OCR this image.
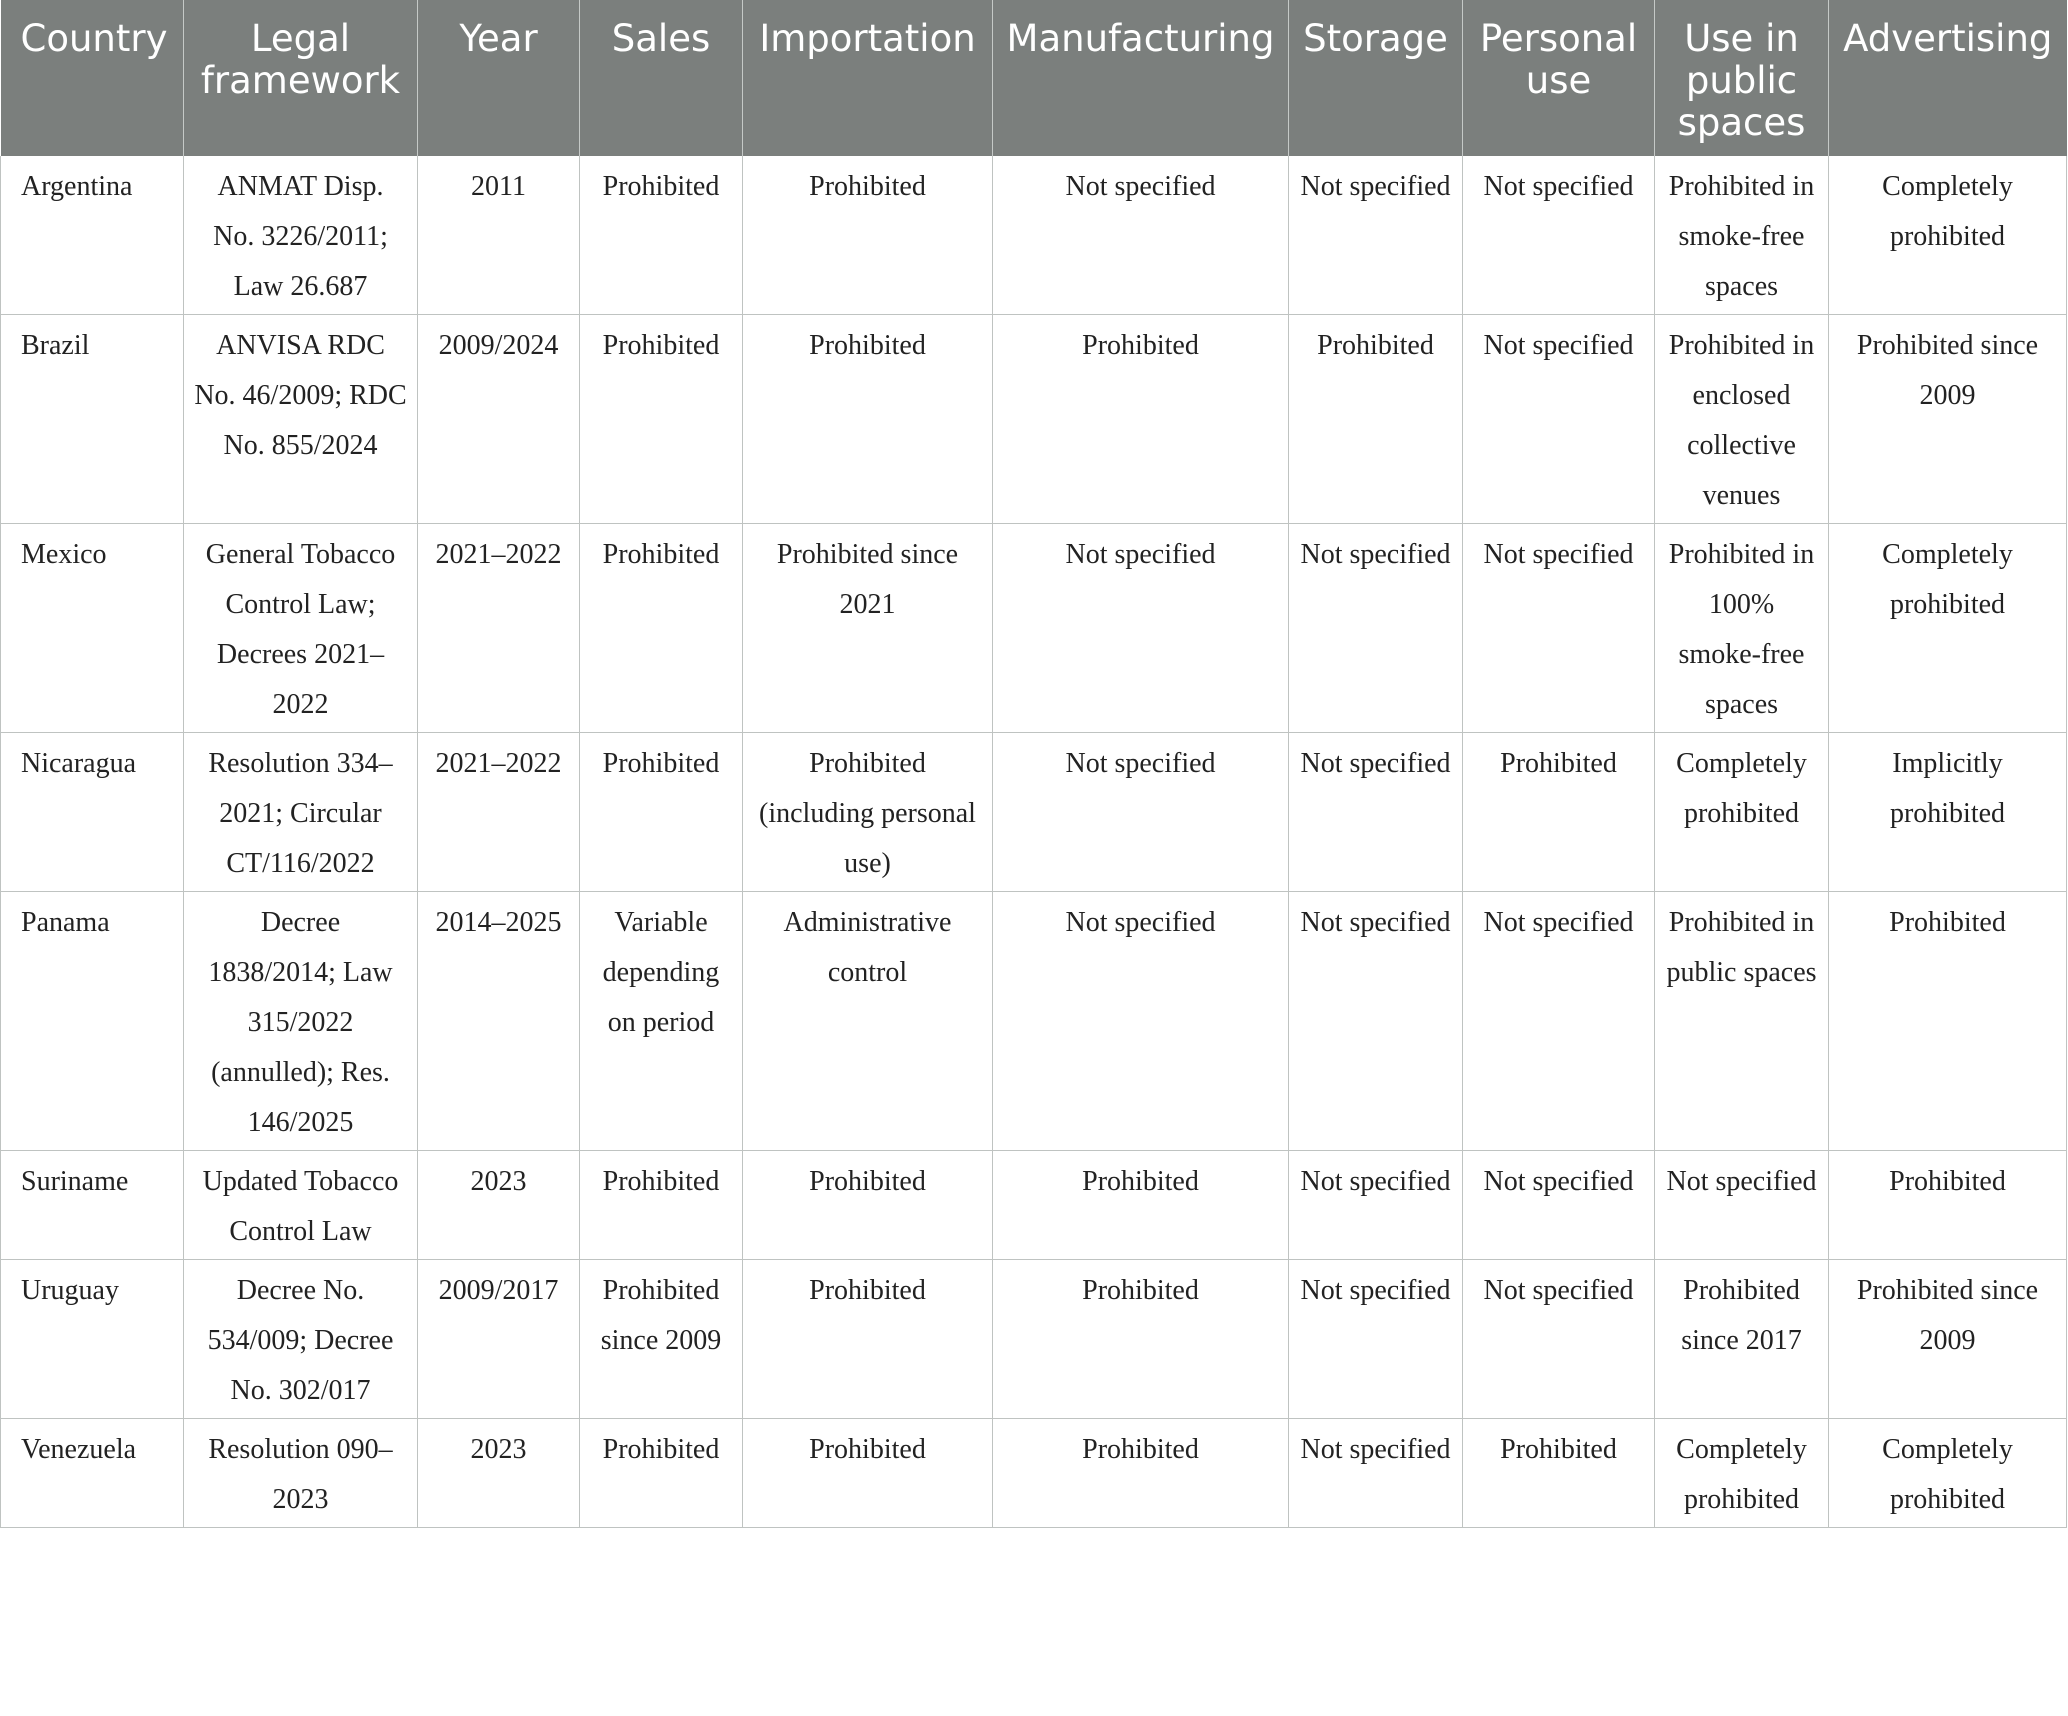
Country	Legal framework	Year	Sales	Importation	Manufacturing	Storage	Personal use	Use in public spaces	Advertising
Argentina	ANMAT Disp. No. 3226/2011; Law 26.687	2011	Prohibited	Prohibited	Not specified	Not specified	Not specified	Prohibited in smoke-free spaces	Completely prohibited
Brazil	ANVISA RDC No. 46/2009; RDC No. 855/2024	2009/2024	Prohibited	Prohibited	Prohibited	Prohibited	Not specified	Prohibited in enclosed collective venues	Prohibited since 2009
Mexico	General Tobacco Control Law; Decrees 2021–2022	2021–2022	Prohibited	Prohibited since 2021	Not specified	Not specified	Not specified	Prohibited in 100% smoke-free spaces	Completely prohibited
Nicaragua	Resolution 334–2021; Circular CT/116/2022	2021–2022	Prohibited	Prohibited (including personal use)	Not specified	Not specified	Prohibited	Completely prohibited	Implicitly prohibited
Panama	Decree 1838/2014; Law 315/2022 (annulled); Res. 146/2025	2014–2025	Variable depending on period	Administrative control	Not specified	Not specified	Not specified	Prohibited in public spaces	Prohibited
Suriname	Updated Tobacco Control Law	2023	Prohibited	Prohibited	Prohibited	Not specified	Not specified	Not specified	Prohibited
Uruguay	Decree No. 534/009; Decree No. 302/017	2009/2017	Prohibited since 2009	Prohibited	Prohibited	Not specified	Not specified	Prohibited since 2017	Prohibited since 2009
Venezuela	Resolution 090–2023	2023	Prohibited	Prohibited	Prohibited	Not specified	Prohibited	Completely prohibited	Completely prohibited
